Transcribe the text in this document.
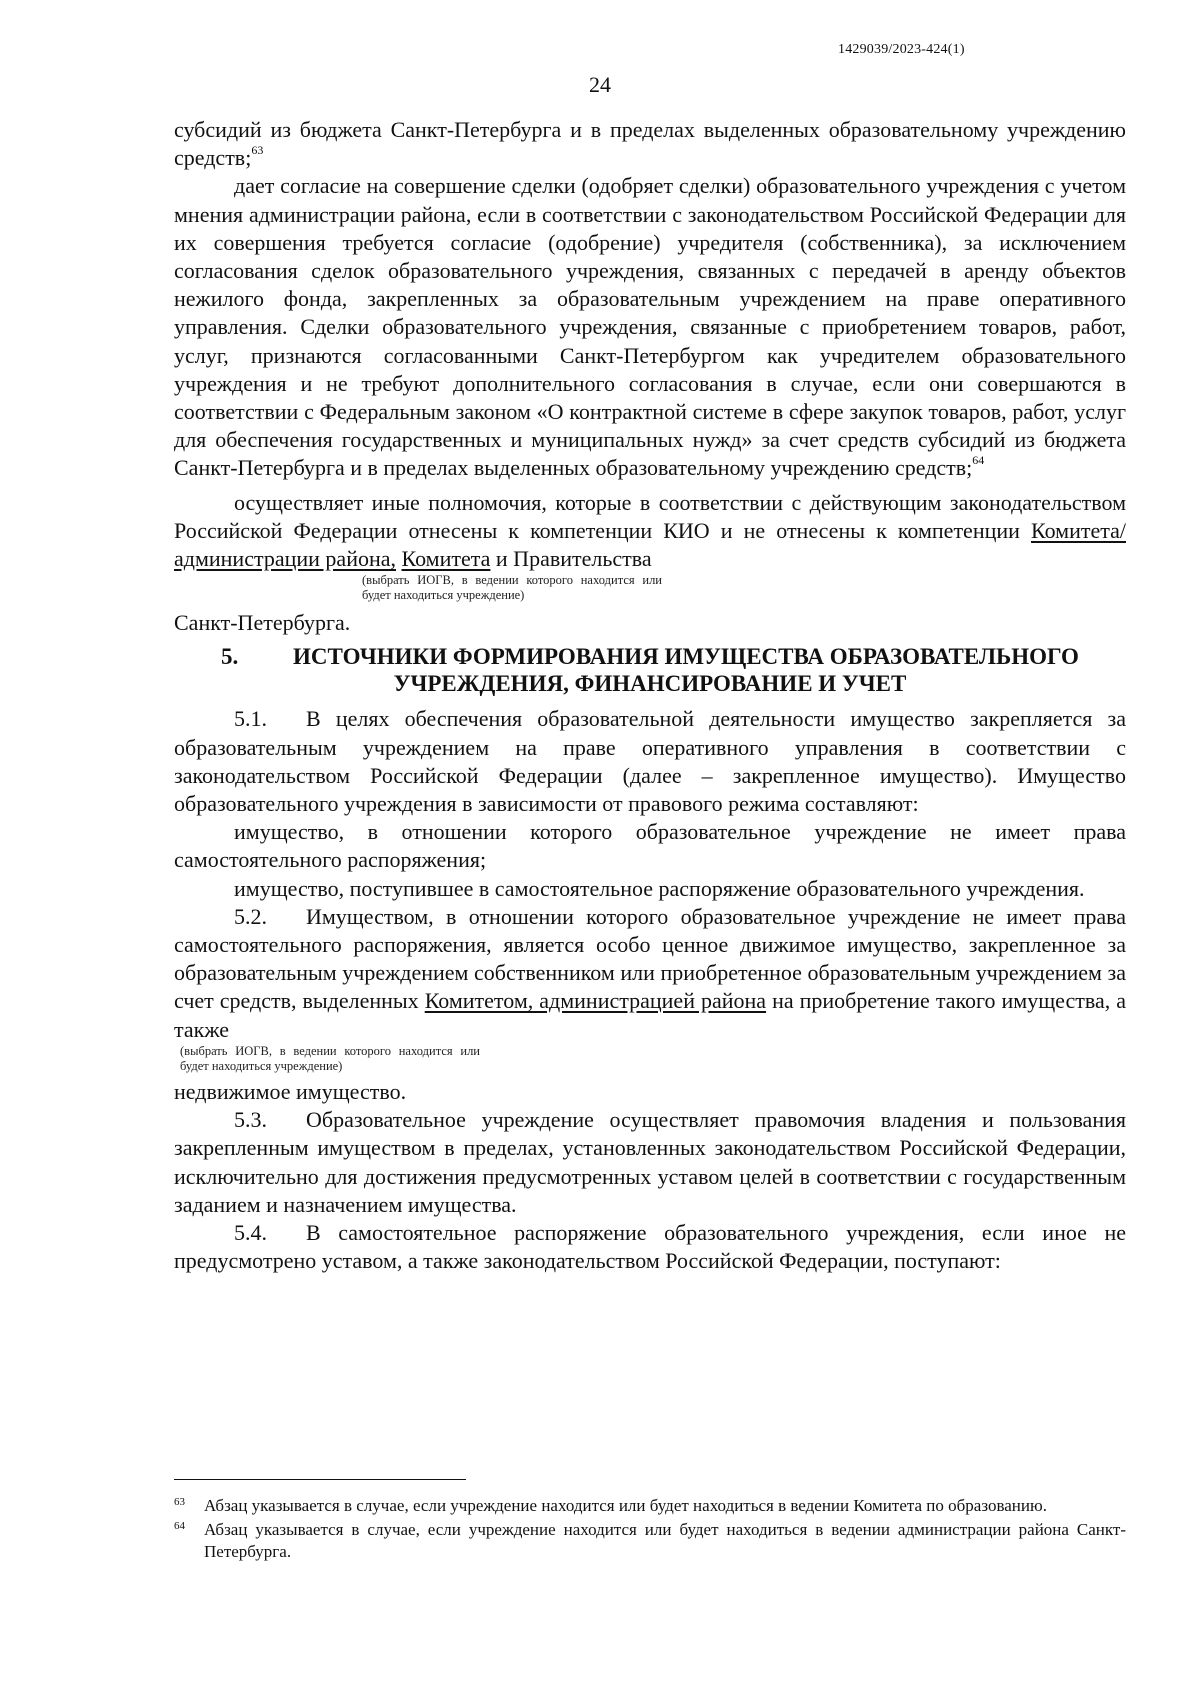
1429039/2023-424(1)
24

субсидий из бюджета Санкт-Петербурга и в пределах выделенных образовательному учреждению средств;$^{63}$

дает согласие на совершение сделки (одобряет сделки) образовательного учреждения с учетом мнения администрации района, если в соответствии с законодательством Российской Федерации для их совершения требуется согласие (одобрение) учредителя (собственника), за исключением согласования сделок образовательного учреждения, связанных с передачей в аренду объектов нежилого фонда, закрепленных за образовательным учреждением на праве оперативного управления. Сделки образовательного учреждения, связанные с приобретением товаров, работ, услуг, признаются согласованными Санкт-Петербургом как учредителем образовательного учреждения и не требуют дополнительного согласования в случае, если они совершаются в соответствии с Федеральным законом «О контрактной системе в сфере закупок товаров, работ, услуг для обеспечения государственных и муниципальных нужд» за счет средств субсидий из бюджета Санкт-Петербурга и в пределах выделенных образовательному учреждению средств;$^{64}$

осуществляет иные полномочия, которые в соответствии с действующим законодательством Российской Федерации отнесены к компетенции КИО и не отнесены к компетенции Комитета/администрации района, Комитета и Правительства

(выбрать ИОГВ, в ведении которого находится или будет находиться учреждение)

Санкт-Петербурга.

5. ИСТОЧНИКИ ФОРМИРОВАНИЯ ИМУЩЕСТВА ОБРАЗОВАТЕЛЬНОГО УЧРЕЖДЕНИЯ, ФИНАНСИРОВАНИЕ И УЧЕТ

5.1. В целях обеспечения образовательной деятельности имущество закрепляется за образовательным учреждением на праве оперативного управления в соответствии с законодательством Российской Федерации (далее – закрепленное имущество). Имущество образовательного учреждения в зависимости от правового режима составляют:

имущество, в отношении которого образовательное учреждение не имеет права самостоятельного распоряжения;

имущество, поступившее в самостоятельное распоряжение образовательного учреждения.

5.2. Имуществом, в отношении которого образовательное учреждение не имеет права самостоятельного распоряжения, является особо ценное движимое имущество, закрепленное за образовательным учреждением собственником или приобретенное образовательным учреждением за счет средств, выделенных Комитетом, администрацией района на приобретение такого имущества, а также

(выбрать ИОГВ, в ведении которого находится или будет находиться учреждение)

недвижимое имущество.

5.3. Образовательное учреждение осуществляет правомочия владения и пользования закрепленным имуществом в пределах, установленных законодательством Российской Федерации, исключительно для достижения предусмотренных уставом целей в соответствии с государственным заданием и назначением имущества.

5.4. В самостоятельное распоряжение образовательного учреждения, если иное не предусмотрено уставом, а также законодательством Российской Федерации, поступают:

63 Абзац указывается в случае, если учреждение находится или будет находиться в ведении Комитета по образованию.

64 Абзац указывается в случае, если учреждение находится или будет находиться в ведении администрации района Санкт-Петербурга.
